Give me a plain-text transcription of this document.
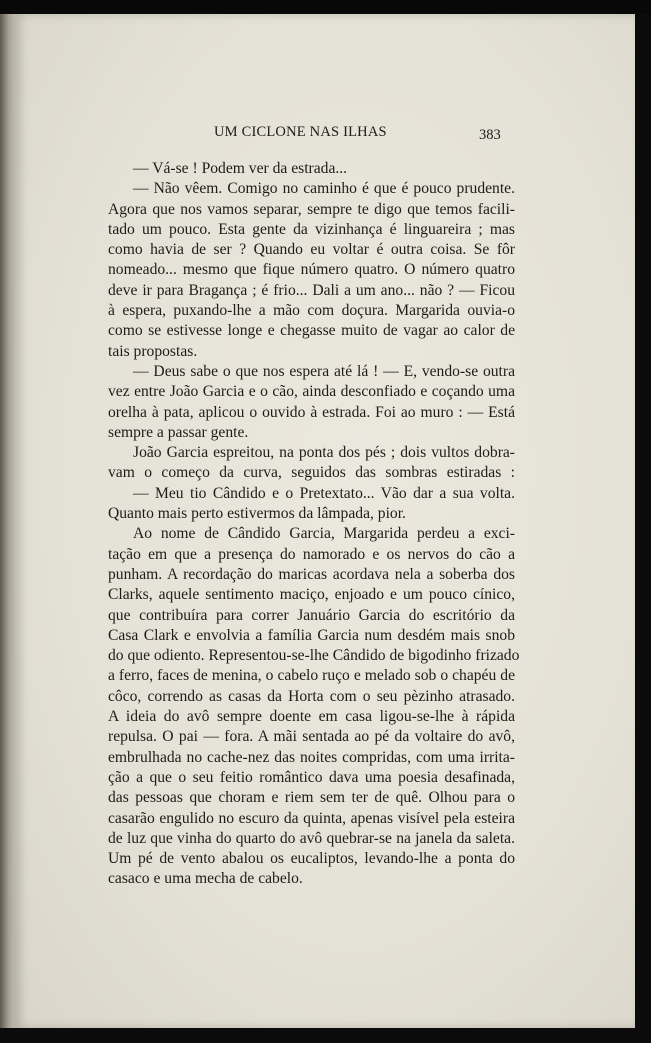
UM CICLONE NAS ILHAS	383
— Vá-se ! Podem ver da estrada...
— Não vêem. Comigo no caminho é que é pouco prudente.
Agora que nos vamos separar, sempre te digo que temos facili-
tado um pouco. Esta gente da vizinhança é linguareira ; mas
como havia de ser ? Quando eu voltar é outra coisa. Se fôr
nomeado... mesmo que fique número quatro. O número quatro
deve ir para Bragança ; é frio... Dali a um ano... não ? — Ficou
à espera, puxando-lhe a mão com doçura. Margarida ouvia-o
como se estivesse longe e chegasse muito de vagar ao calor de
tais propostas.
— Deus sabe o que nos espera até lá ! — E, vendo-se outra
vez entre João Garcia e o cão, ainda desconfiado e coçando uma
orelha à pata, aplicou o ouvido à estrada. Foi ao muro : — Está
sempre a passar gente.
João Garcia espreitou, na ponta dos pés ; dois vultos dobra-
vam o começo da curva, seguidos das sombras estiradas :
— Meu tio Cândido e o Pretextato... Vão dar a sua volta.
Quanto mais perto estivermos da lâmpada, pior.
Ao nome de Cândido Garcia, Margarida perdeu a exci-
tação em que a presença do namorado e os nervos do cão a
punham. A recordação do maricas acordava nela a soberba dos
Clarks, aquele sentimento maciço, enjoado e um pouco cínico,
que contribuíra para correr Januário Garcia do escritório da
Casa Clark e envolvia a família Garcia num desdém mais snob
do que odiento. Representou-se-lhe Cândido de bigodinho frizado
a ferro, faces de menina, o cabelo ruço e melado sob o chapéu de
côco, correndo as casas da Horta com o seu pèzinho atrasado.
A ideia do avô sempre doente em casa ligou-se-lhe à rápida
repulsa. O pai — fora. A mãi sentada ao pé da voltaire do avô,
embrulhada no cache-nez das noites compridas, com uma irrita-
ção a que o seu feitio romântico dava uma poesia desafinada,
das pessoas que choram e riem sem ter de quê. Olhou para o
casarão engulido no escuro da quinta, apenas visível pela esteira
de luz que vinha do quarto do avô quebrar-se na janela da saleta.
Um pé de vento abalou os eucaliptos, levando-lhe a ponta do
casaco e uma mecha de cabelo.
